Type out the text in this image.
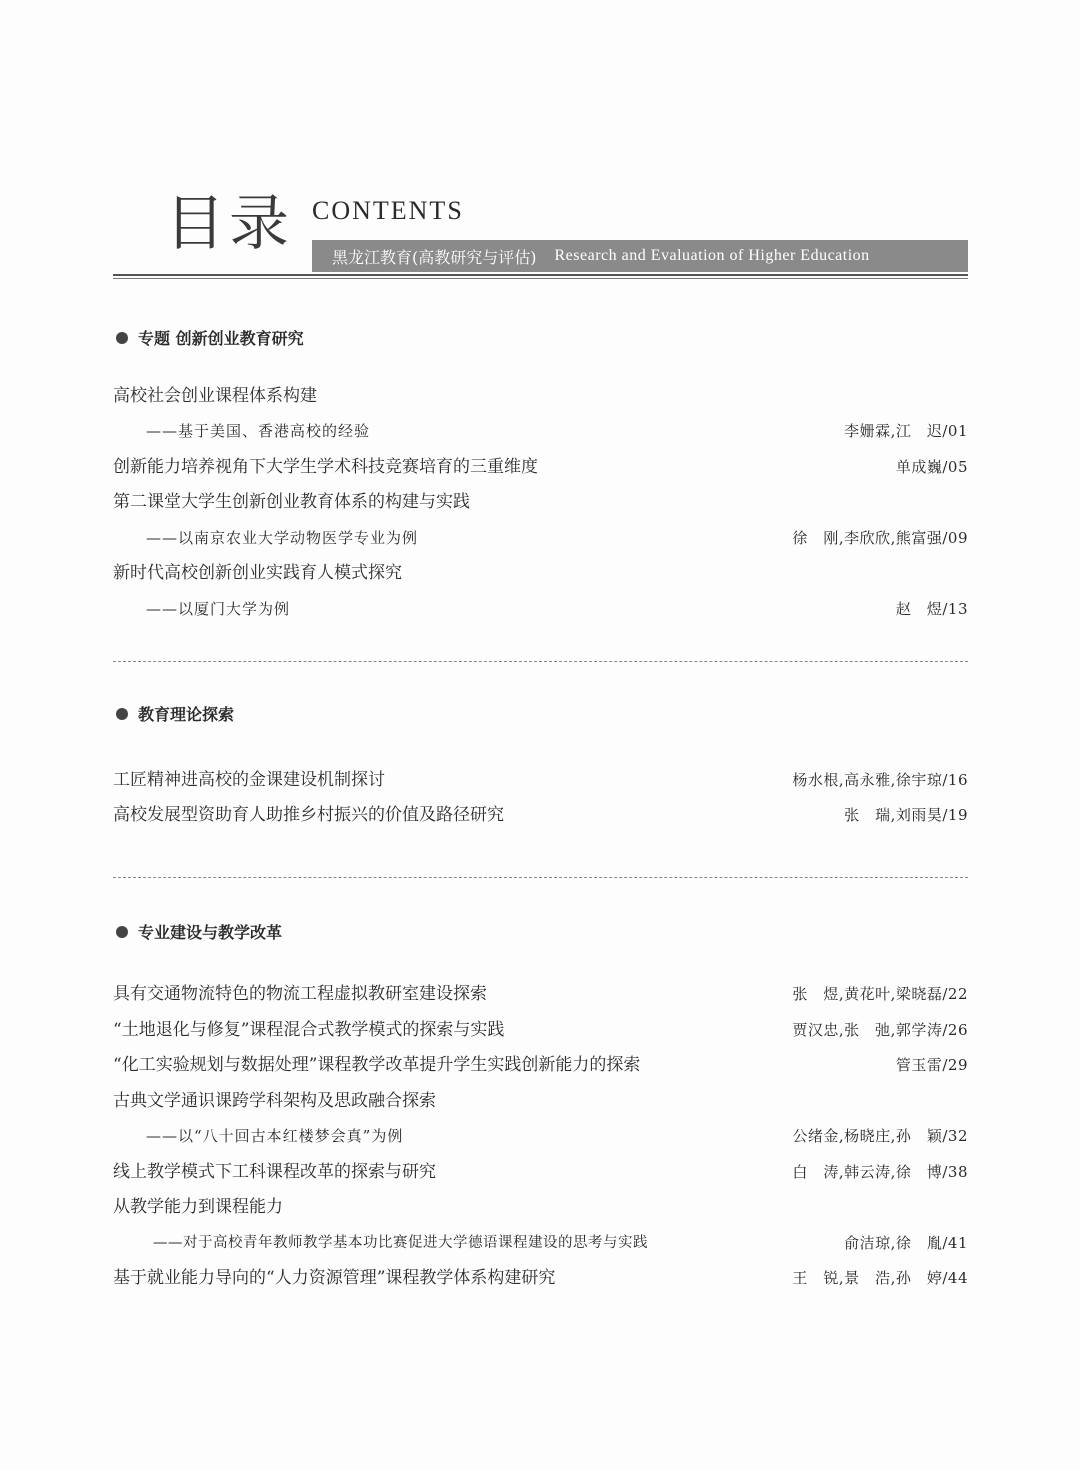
目录 CONTENTS
黑龙江教育(高教研究与评估) Research and Evaluation of Higher Education
专题 创新创业教育研究
高校社会创业课程体系构建
——基于美国、香港高校的经验	李姗霖,江　迟/01
创新能力培养视角下大学生学术科技竞赛培育的三重维度	单成巍/05
第二课堂大学生创新创业教育体系的构建与实践
——以南京农业大学动物医学专业为例	徐　刚,李欣欣,熊富强/09
新时代高校创新创业实践育人模式探究
——以厦门大学为例	赵　煜/13
教育理论探索
工匠精神进高校的金课建设机制探讨	杨水根,高永雅,徐宇琼/16
高校发展型资助育人助推乡村振兴的价值及路径研究	张　瑞,刘雨昊/19
专业建设与教学改革
具有交通物流特色的物流工程虚拟教研室建设探索	张　煜,黄花叶,梁晓磊/22
“土地退化与修复”课程混合式教学模式的探索与实践	贾汉忠,张　弛,郭学涛/26
“化工实验规划与数据处理”课程教学改革提升学生实践创新能力的探索	管玉雷/29
古典文学通识课跨学科架构及思政融合探索
——以“八十回古本红楼梦会真”为例	公绪金,杨晓庄,孙　颖/32
线上教学模式下工科课程改革的探索与研究	白　涛,韩云涛,徐　博/38
从教学能力到课程能力
——对于高校青年教师教学基本功比赛促进大学德语课程建设的思考与实践	俞洁琼,徐　胤/41
基于就业能力导向的“人力资源管理”课程教学体系构建研究	王　锐,景　浩,孙　婷/44
